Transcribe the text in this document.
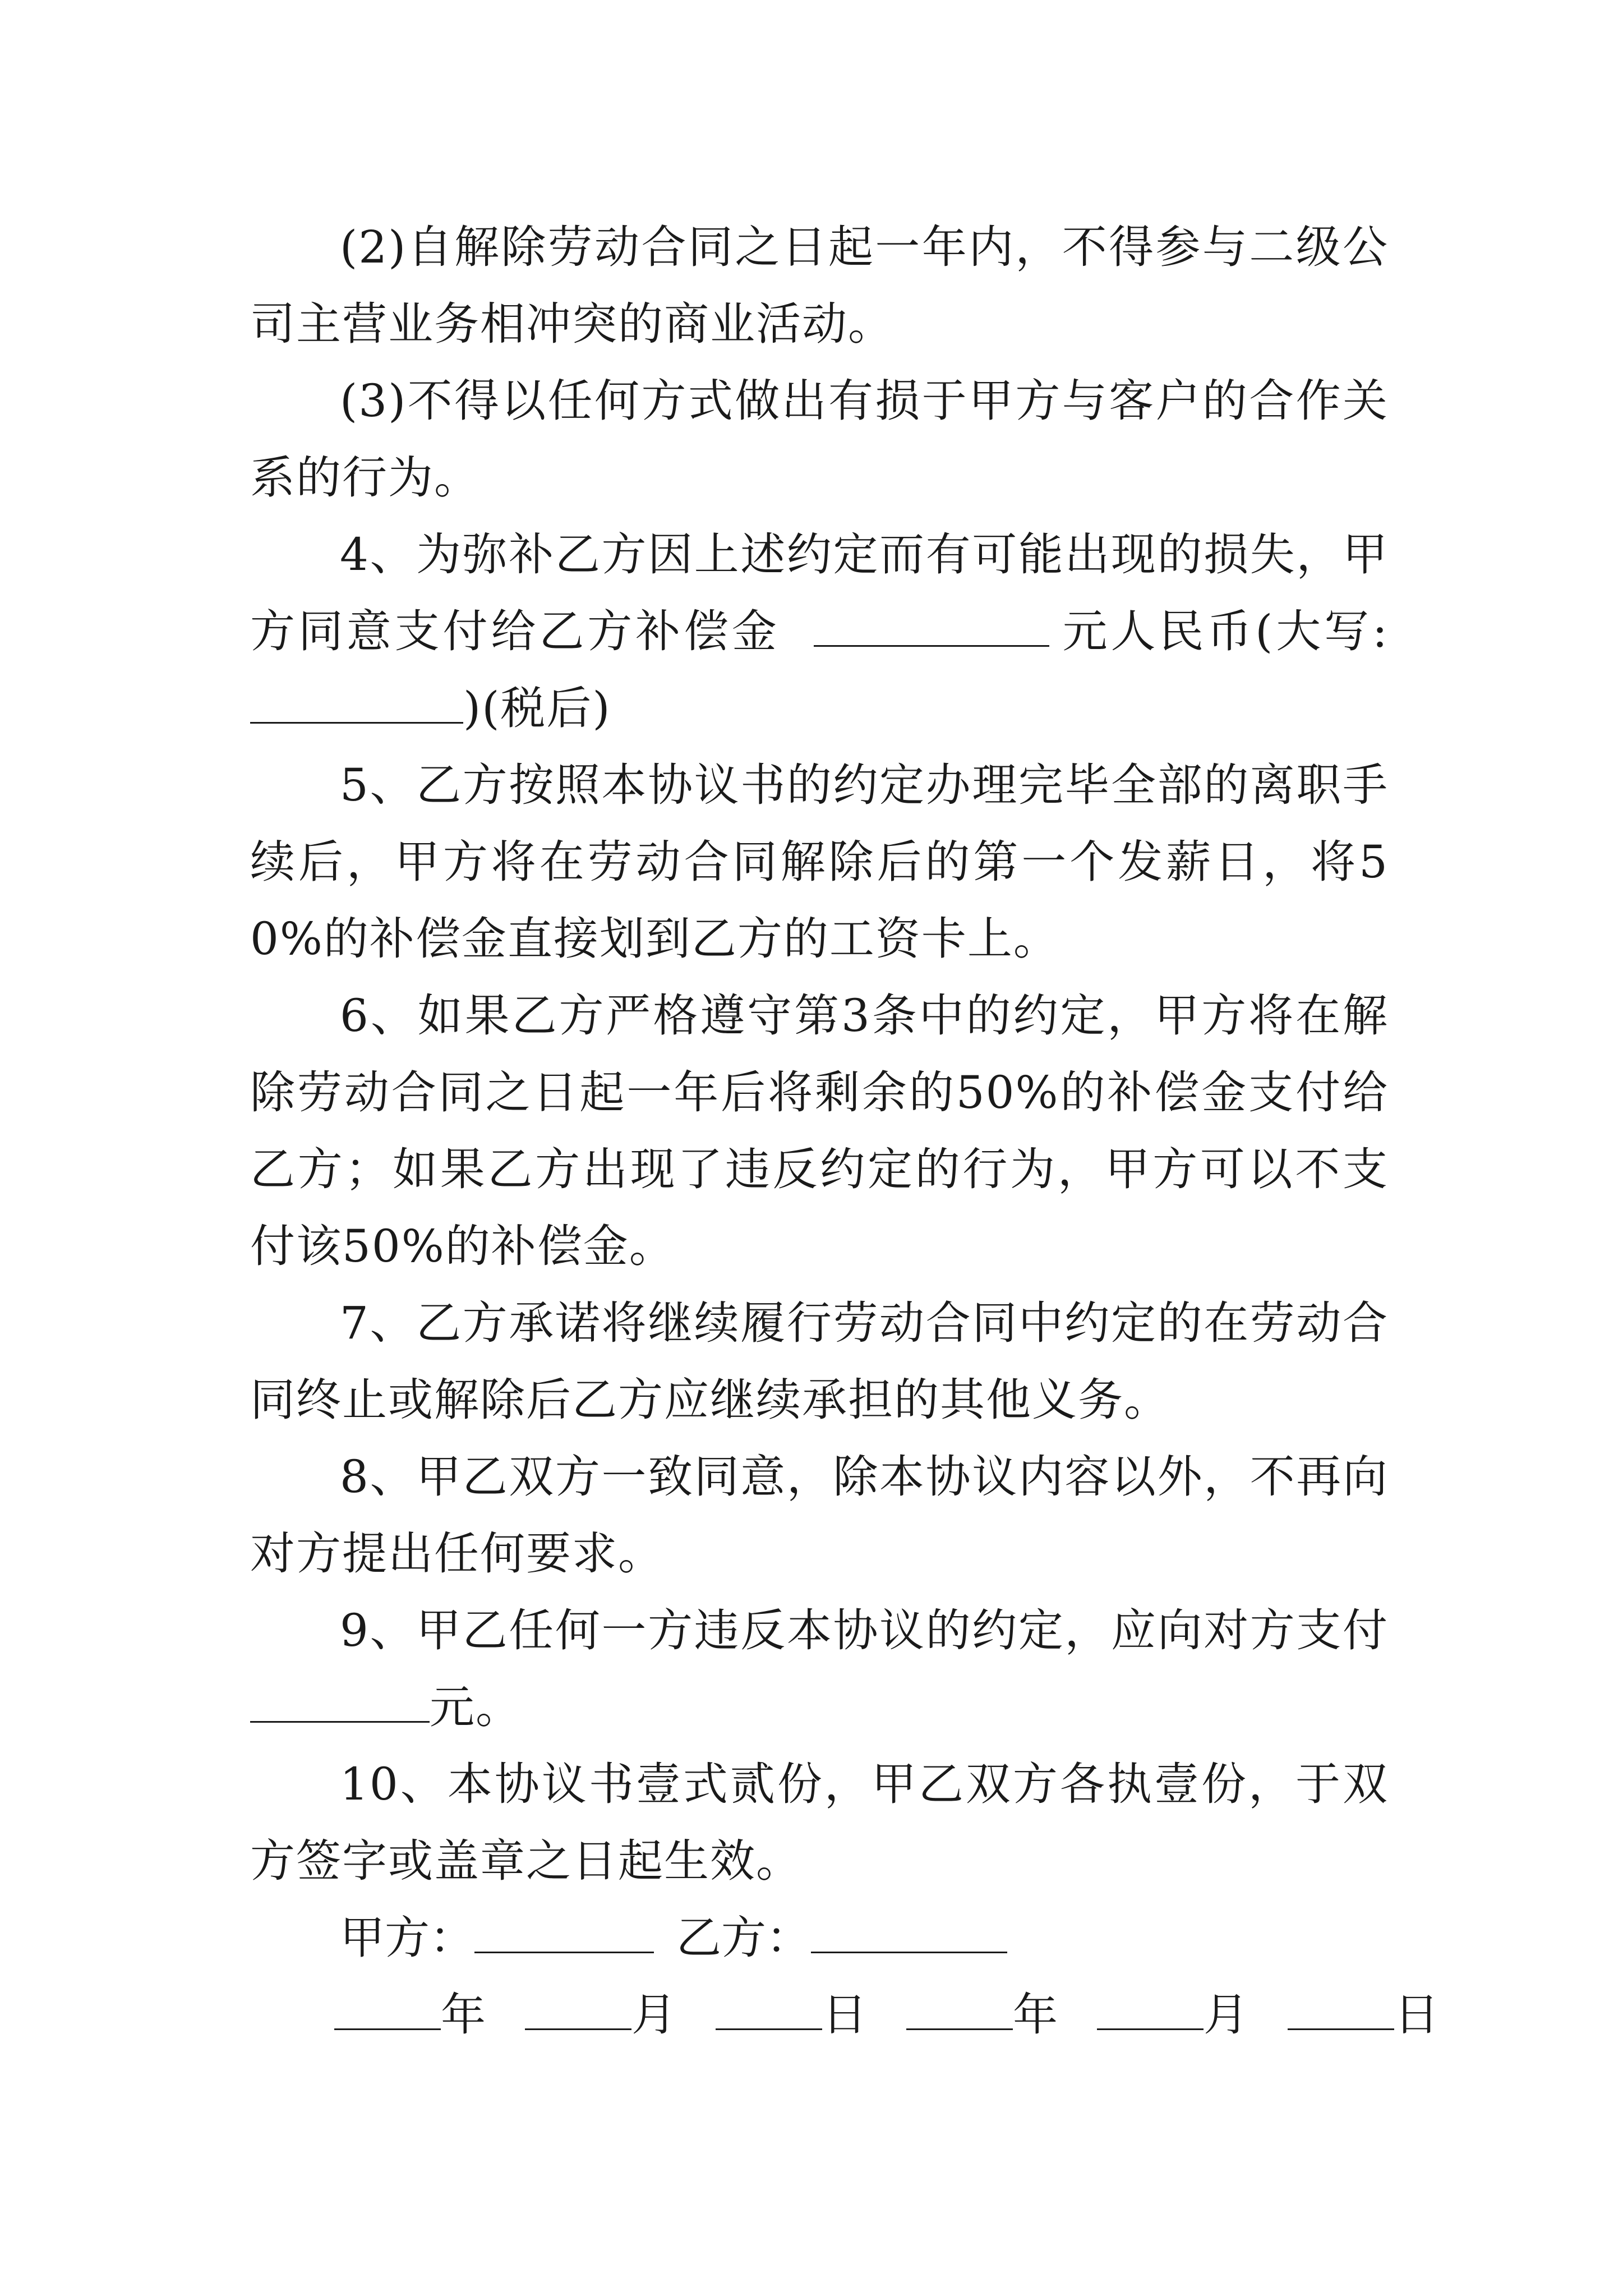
(2)自解除劳动合同之日起一年内，不得参与二级公司主营业务相冲突的商业活动。

(3)不得以任何方式做出有损于甲方与客户的合作关系的行为。

4、为弥补乙方因上述约定而有可能出现的损失，甲方同意支付给乙方补偿金	元人民币(大写:)(税后)

5、乙方按照本协议书的约定办理完毕全部的离职手续后，甲方将在劳动合同解除后的第一个发薪日，将50%的补偿金直接划到乙方的工资卡上。

6、如果乙方严格遵守第3条中的约定，甲方将在解除劳动合同之日起一年后将剩余的50%的补偿金支付给乙方；如果乙方出现了违反约定的行为，甲方可以不支付该50%的补偿金。

7、乙方承诺将继续履行劳动合同中约定的在劳动合同终止或解除后乙方应继续承担的其他义务。

8、甲乙双方一致同意，除本协议内容以外，不再向对方提出任何要求。

9、甲乙任何一方违反本协议的约定，应向对方支付元。

10、本协议书壹式贰份，甲乙双方各执壹份，于双方签字或盖章之日起生效。

甲方：	乙方：

年	月	日	年	月	日
